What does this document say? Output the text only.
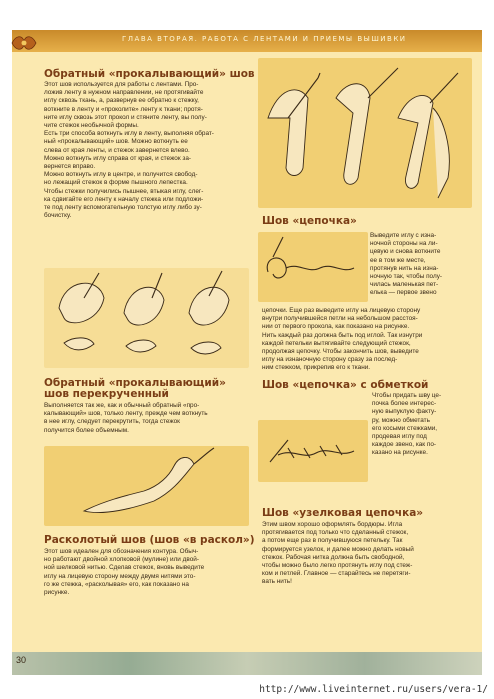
ГЛАВА ВТОРАЯ. РАБОТА С ЛЕНТАМИ И ПРИЕМЫ ВЫШИВКИ
Обратный «прокалывающий» шов
Этот шов используется для работы с лентами. Про-
ложив ленту в нужном направлении, не протягивайте
иглу сквозь ткань, а, развернув ее обратно к стежку,
воткните в ленту и «проколите» ленту к ткани; протя-
ните иглу сквозь этот прокол и стяните ленту, вы полу-
чите стежок необычной формы.
Есть три способа воткнуть иглу в ленту, выполняя обрат-
ный «прокалывающий» шов. Можно воткнуть ее
слева от края ленты, и стежок завернется влево.
Можно воткнуть иглу справа от края, и стежок за-
вернется вправо.
Можно воткнуть иглу в центре, и получится свобод-
но лежащий стежок в форме пышного лепестка.
Чтобы стежки получились пышнее, втыкая иглу, слег-
ка сдвигайте его ленту к началу стежка или подложи-
те под ленту вспомогательную толстую иглу либо зу-
бочистку.
Обратный «прокалывающий»
шов перекрученный
Выполняется так же, как и обычный обратный «про-
калывающий» шов, только ленту, прежде чем воткнуть
в нее иглу, следует перекрутить, тогда стежок
получится более объемным.
Расколотый шов (шов «в раскол»)
Этот шов идеален для обозначения контура. Обыч-
но работают двойной хлопковой (мулине) или двой-
ной шелковой нитью. Сделав стежок, вновь выведите
иглу на лицевую сторону между двумя нитями это-
го же стежка, «расколывая» его, как показано на
рисунке.
Шов «цепочка»
Выведите иглу с изна-
ночной стороны на ли-
цевую и снова воткните
ее в том же месте,
протянув нить на изна-
ночную так, чтобы полу-
чилась маленькая пет-
елька — первое звено
цепочки. Еще раз выведите иглу на лицевую сторону
внутри получившейся петли на небольшом расстоя-
нии от первого прокола, как показано на рисунке.
Нить каждый раз должна быть под иглой. Так изнутри
каждой петельки вытягивайте следующий стежок,
продолжая цепочку. Чтобы закончить шов, выведите
иглу на изнаночную сторону сразу за послед-
ним стежком, прикрепив его к ткани.
Шов «цепочка» с обметкой
Чтобы придать шву це-
почка более интерес-
ную выпуклую факту-
ру, можно обметать
его косыми стежками,
продевая иглу под
каждое звено, как по-
казано на рисунке.
Шов «узелковая цепочка»
Этим швом хорошо оформлять бордюры. Игла
протягивается под только что сделанный стежок,
а потом еще раз в получившуюся петельку. Так
формируется узелок, и далее можно делать новый
стежок. Рабочая нитка должна быть свободной,
чтобы можно было легко протянуть иглу под стеж-
ком и петлей. Главное — старайтесь не перетяги-
вать нить!
30
http://www.liveinternet.ru/users/vera-1/
